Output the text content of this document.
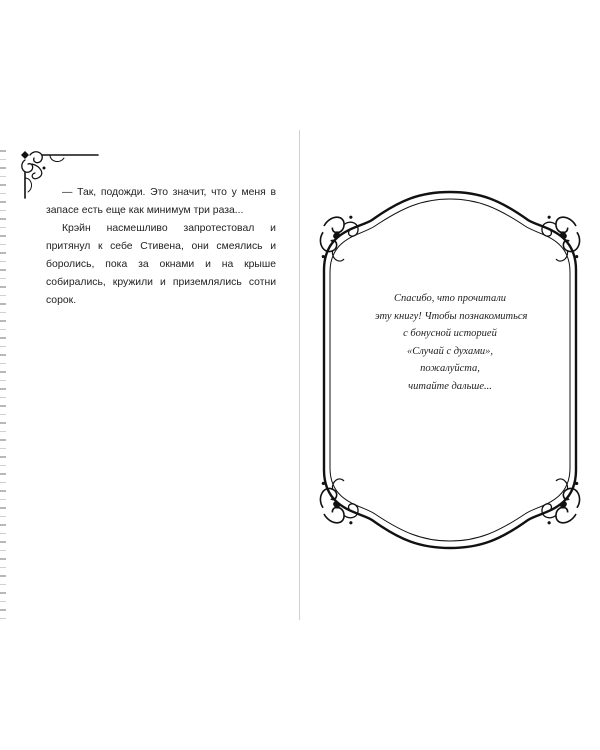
— Так, подожди. Это значит, что у меня в запасе есть еще как минимум три раза...

Крэйн насмешливо запротестовал и притянул к себе Стивена, они смеялись и боролись, пока за окнами и на крыше собирались, кружили и приземлялись сотни сорок.	Спасибо, что прочитали
эту книгу! Чтобы познакомиться
с бонусной историей
«Случай с духами»,
пожалуйста,
читайте дальше...
